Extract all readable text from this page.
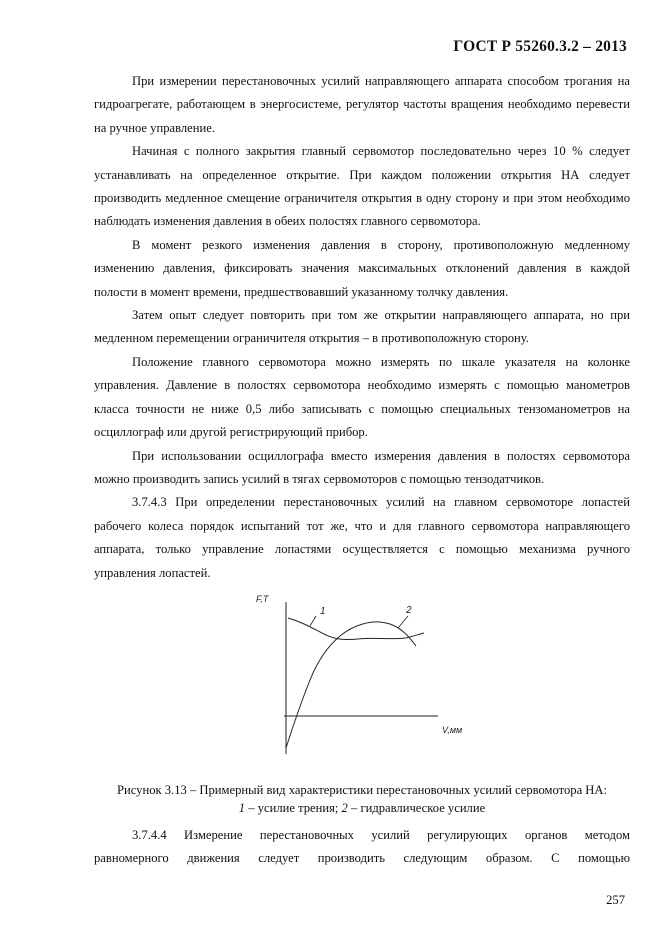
ГОСТ Р 55260.3.2 – 2013

При измерении перестановочных усилий направляющего аппарата способом трогания на гидроагрегате, работающем в энергосистеме, регулятор частоты вращения необходимо перевести на ручное управление.

Начиная с полного закрытия главный сервомотор последовательно через 10 % следует устанавливать на определенное открытие. При каждом положении открытия НА следует производить медленное смещение ограничителя открытия в одну сторону и при этом необходимо наблюдать изменения давления в обеих полостях главного сервомотора.

В момент резкого изменения давления в сторону, противоположную медленному изменению давления, фиксировать значения максимальных отклонений давления в каждой полости в момент времени, предшествовавший указанному толчку давления.

Затем опыт следует повторить при том же открытии направляющего аппарата, но при медленном перемещении ограничителя открытия – в противоположную сторону.

Положение главного сервомотора можно измерять по шкале указателя на колонке управления. Давление в полостях сервомотора необходимо измерять с помощью манометров класса точности не ниже 0,5 либо записывать с помощью специальных тензоманометров на осциллограф или другой регистрирующий прибор.

При использовании осциллографа вместо измерения давления в полостях сервомотора можно производить запись усилий в тягах сервомоторов с помощью тензодатчиков.

3.7.4.3 При определении перестановочных усилий на главном сервомоторе лопастей рабочего колеса порядок испытаний тот же, что и для главного сервомотора направляющего аппарата, только управление лопастями осуществляется с помощью механизма ручного управления лопастей.

F,T
V,мм
1	2
Рисунок 3.13 – Примерный вид характеристики перестановочных усилий сервомотора НА:
1 – усилие трения; 2 – гидравлическое усилие

3.7.4.4 Измерение перестановочных усилий регулирующих органов методом

равномерного движения следует производить следующим образом. С помощью

257
